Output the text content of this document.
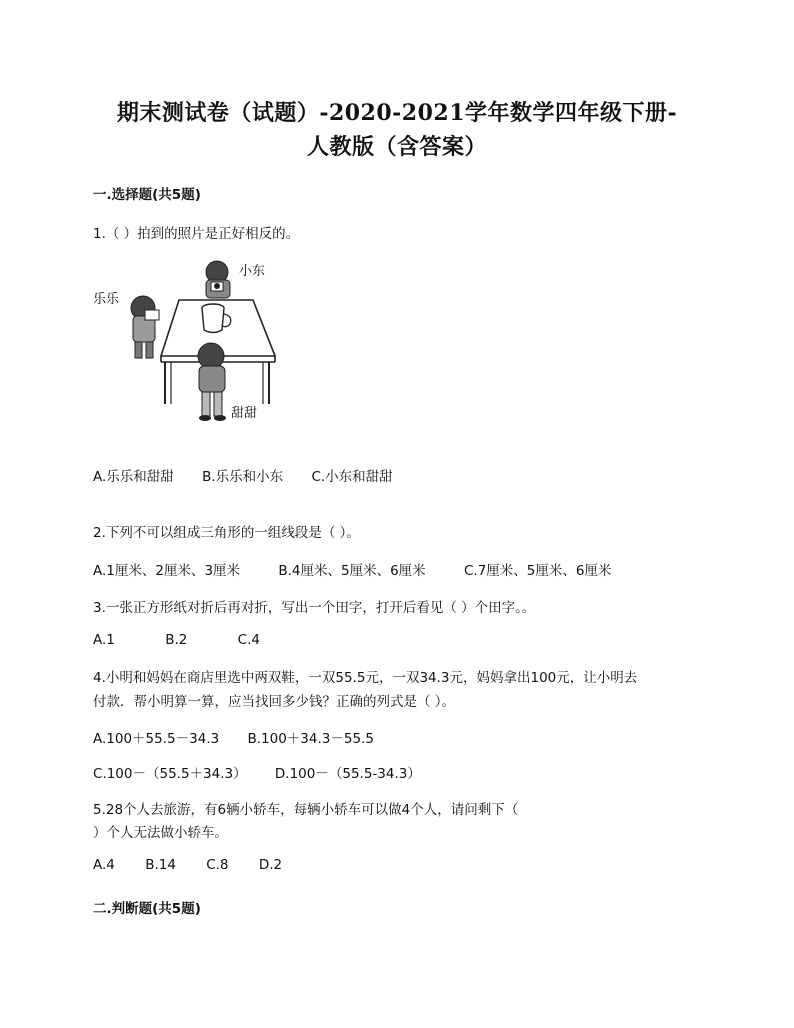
期末测试卷（试题）-2020-2021学年数学四年级下册-
人教版（含答案）
一.选择题(共5题)
1.（ ）拍到的照片是正好相反的。
小东
乐乐
甜甜
A.乐乐和甜甜 B.乐乐和小东 C.小东和甜甜
2.下列不可以组成三角形的一组线段是（ ）。
A.1厘米、2厘米、3厘米	B.4厘米、5厘米、6厘米	C.7厘米、5厘米、6厘米
3.一张正方形纸对折后再对折，写出一个田字，打开后看见（ ）个田字。。
A.1	B.2	C.4
4.小明和妈妈在商店里选中两双鞋，一双55.5元，一双34.3元，妈妈拿出100元，让小明去
付款．帮小明算一算，应当找回多少钱？正确的列式是（ ）。
A.100＋55.5－34.3 B.100＋34.3－55.5
C.100－（55.5＋34.3） D.100－（55.5-34.3）
5.28个人去旅游，有6辆小轿车，每辆小轿车可以做4个人，请问剩下（
）个人无法做小轿车。
A.4 B.14 C.8 D.2
二.判断题(共5题)
